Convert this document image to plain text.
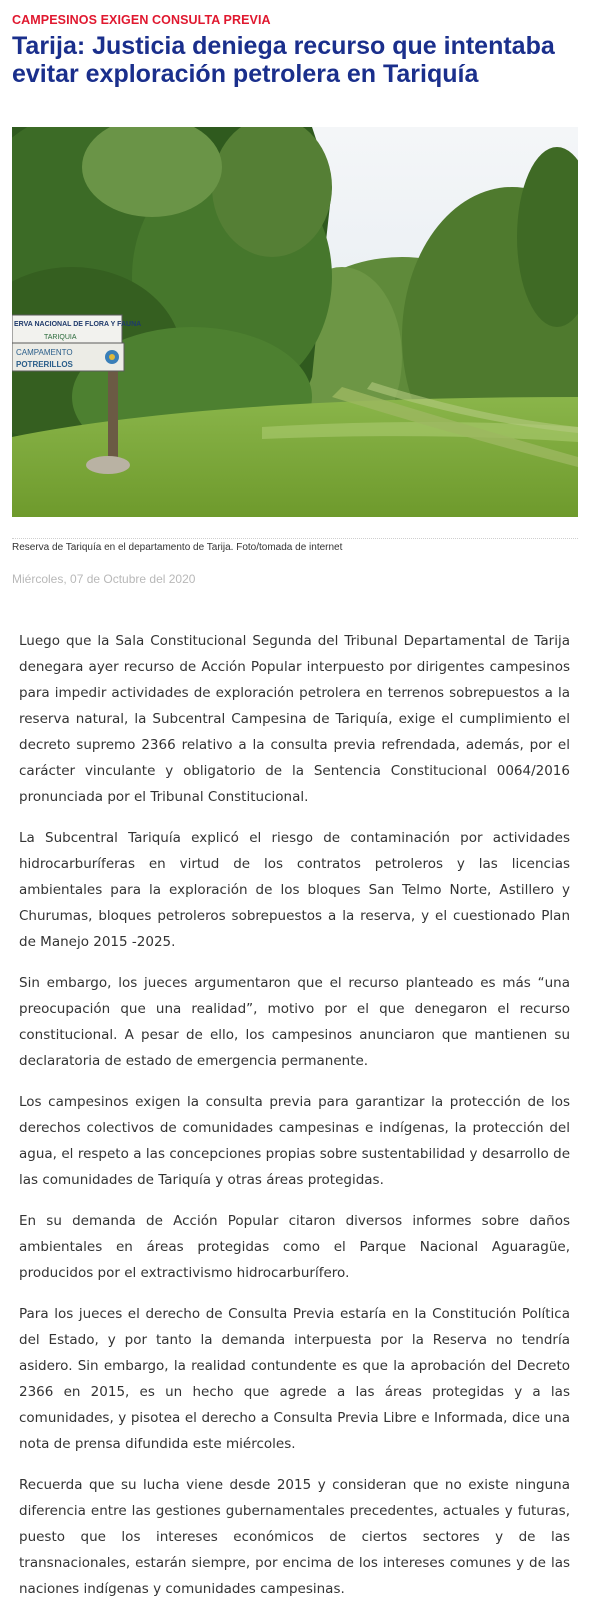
CAMPESINOS EXIGEN CONSULTA PREVIA
Tarija: Justicia deniega recurso que intentaba evitar exploración petrolera en Tariquía
ERVA NACIONAL DE FLORA Y FAUNA
TARIQUIA
CAMPAMENTO
POTRERILLOS
Reserva de Tariquía en el departamento de Tarija. Foto/tomada de internet
Miércoles, 07 de Octubre del 2020

Luego que la Sala Constitucional Segunda del Tribunal Departamental de Tarija denegara ayer recurso de Acción Popular interpuesto por dirigentes campesinos para impedir actividades de exploración petrolera en terrenos sobrepuestos a la reserva natural, la Subcentral Campesina de Tariquía, exige el cumplimiento el decreto supremo 2366 relativo a la consulta previa refrendada, además, por el carácter vinculante y obligatorio de la Sentencia Constitucional 0064/2016 pronunciada por el Tribunal Constitucional.

La Subcentral Tariquía explicó el riesgo de contaminación por actividades hidrocarburíferas en virtud de los contratos petroleros y las licencias ambientales para la exploración de los bloques San Telmo Norte, Astillero y Churumas, bloques petroleros sobrepuestos a la reserva, y el cuestionado Plan de Manejo 2015 -2025.

Sin embargo, los jueces argumentaron que el recurso planteado es más “una preocupación que una realidad”, motivo por el que denegaron el recurso constitucional. A pesar de ello, los campesinos anunciaron que mantienen su declaratoria de estado de emergencia permanente.

Los campesinos exigen la consulta previa para garantizar la protección de los derechos colectivos de comunidades campesinas e indígenas, la protección del agua, el respeto a las concepciones propias sobre sustentabilidad y desarrollo de las comunidades de Tariquía y otras áreas protegidas.

En su demanda de Acción Popular citaron diversos informes sobre daños ambientales en áreas protegidas como el Parque Nacional Aguaragüe, producidos por el extractivismo hidrocarburífero.

Para los jueces el derecho de Consulta Previa estaría en la Constitución Política del Estado, y por tanto la demanda interpuesta por la Reserva no tendría asidero. Sin embargo, la realidad contundente es que la aprobación del Decreto 2366 en 2015, es un hecho que agrede a las áreas protegidas y a las comunidades, y pisotea el derecho a Consulta Previa Libre e Informada, dice una nota de prensa difundida este miércoles.

Recuerda que su lucha viene desde 2015 y consideran que no existe ninguna diferencia entre las gestiones gubernamentales precedentes, actuales y futuras, puesto que los intereses económicos de ciertos sectores y de las transnacionales, estarán siempre, por encima de los intereses comunes y de las naciones indígenas y comunidades campesinas.
